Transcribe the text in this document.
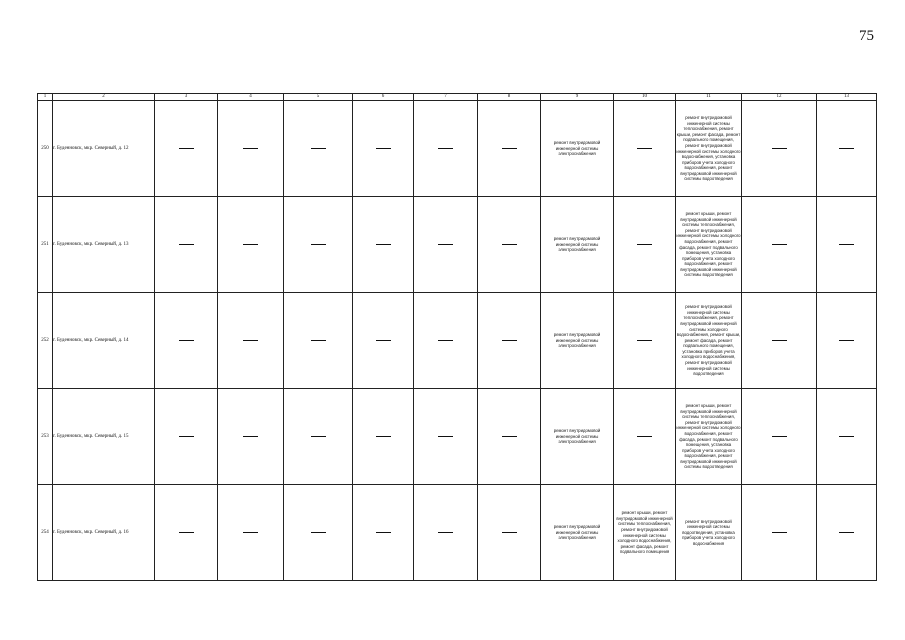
75
1	2	3	4	5	6	7	8	9	10	11	12	13
250	г. Буденновск, мкр. Северный, д. 12							ремонт внутридомовой инженерной системы электроснабжения		ремонт внутридомовой инженерной системы теплоснабжения, ремонт крыши, ремонт фасада, ремонт подвального помещения, ремонт внутридомовой инженерной системы холодного водоснабжения, установка приборов учета холодного водоснабжения, ремонт внутридомовой инженерной системы водоотведения		
251	г. Буденновск, мкр. Северный, д. 13							ремонт внутридомовой инженерной системы электроснабжения		ремонт крыши, ремонт внутридомовой инженерной системы теплоснабжения, ремонт внутридомовой инженерной системы холодного водоснабжения, ремонт фасада, ремонт подвального помещения, установка приборов учета холодного водоснабжения, ремонт внутридомовой инженерной системы водоотведения		
252	г. Буденновск, мкр. Северный, д. 14							ремонт внутридомовой инженерной системы электроснабжения		ремонт внутридомовой инженерной системы теплоснабжения, ремонт внутридомовой инженерной системы холодного водоснабжения, ремонт крыши, ремонт фасада, ремонт подвального помещения, установка приборов учета холодного водоснабжения, ремонт внутридомовой инженерной системы водоотведения		
253	г. Буденновск, мкр. Северный, д. 15							ремонт внутридомовой инженерной системы электроснабжения		ремонт крыши, ремонт внутридомовой инженерной системы теплоснабжения, ремонт внутридомовой инженерной системы холодного водоснабжения, ремонт фасада, ремонт подвального помещения, установка приборов учета холодного водоснабжения, ремонт внутридомовой инженерной системы водоотведения		
254	г. Буденновск, мкр. Северный, д. 16							ремонт внутридомовой инженерной системы электроснабжения	ремонт крыши, ремонт внутридомовой инженерной системы теплоснабжения, ремонт внутридомовой инженерной системы холодного водоснабжения, ремонт фасада, ремонт подвального помещения	ремонт внутридомовой инженерной системы водоотведения, установка приборов учета холодного водоснабжения		
